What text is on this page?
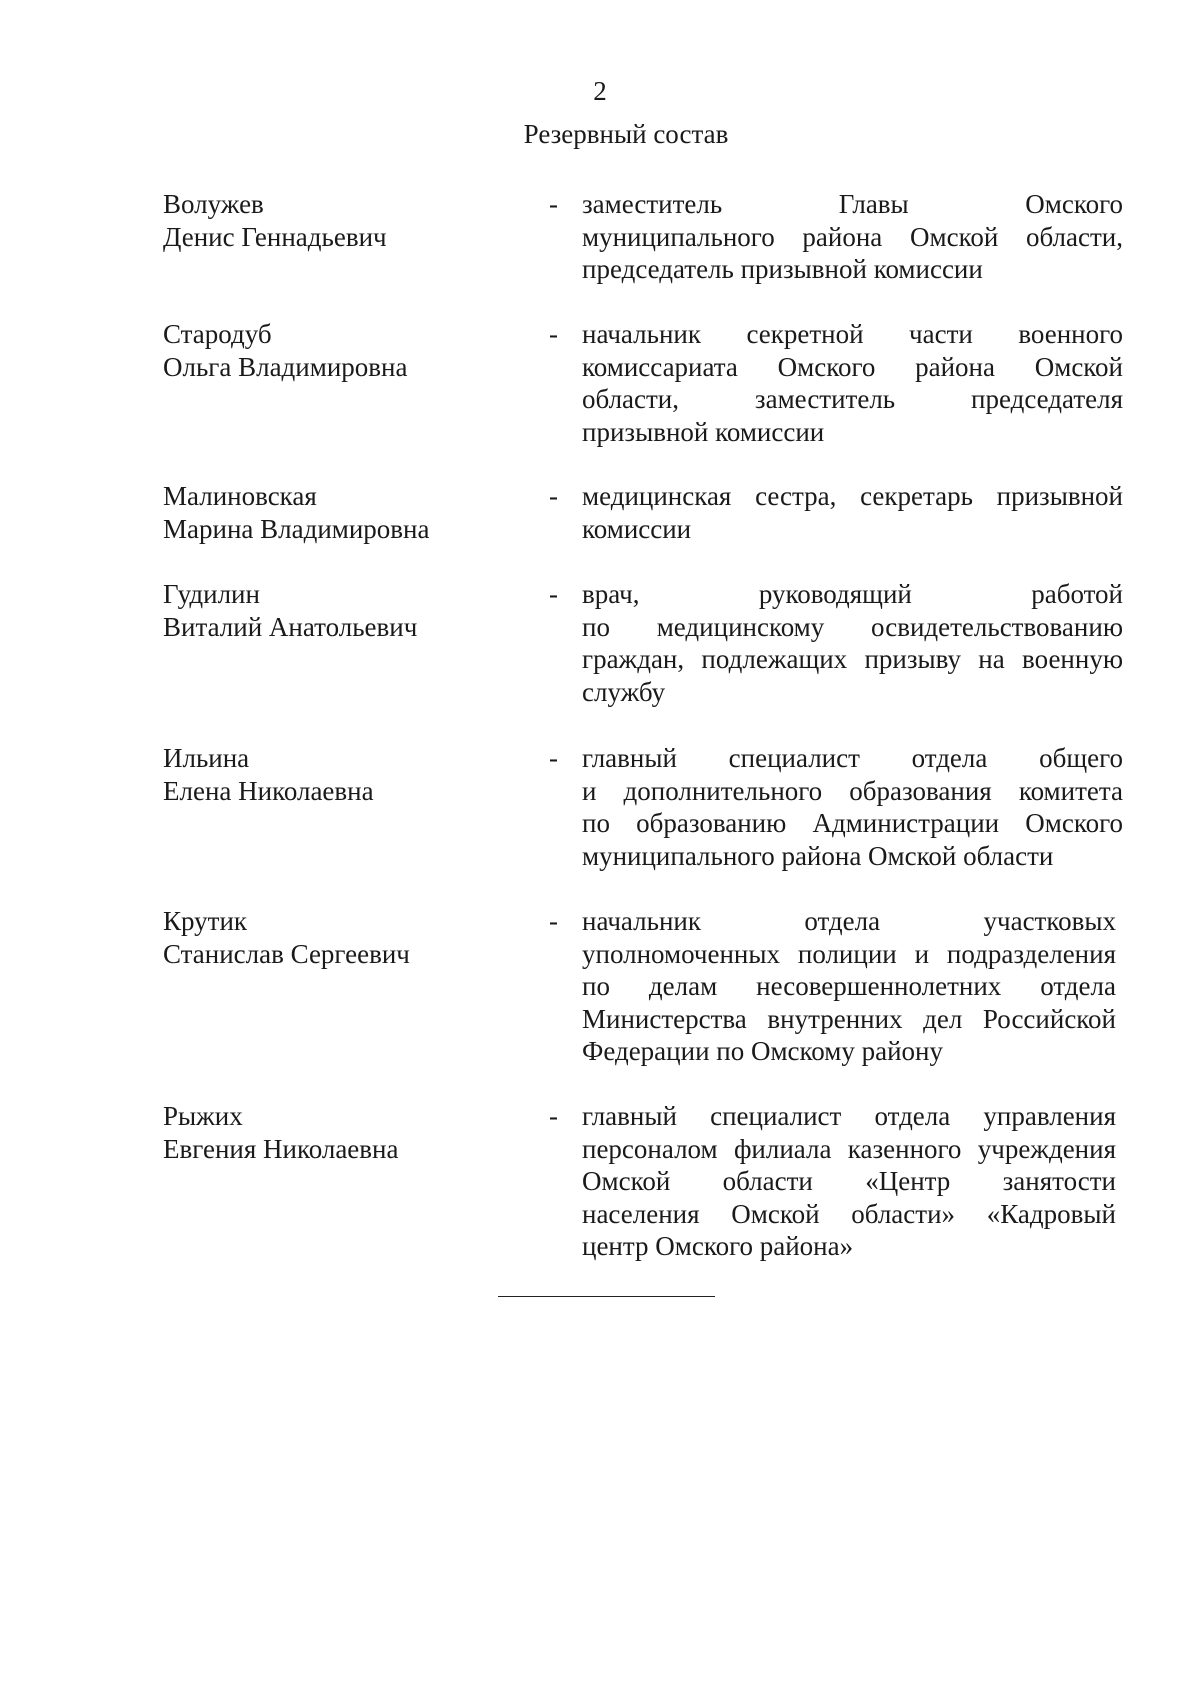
2
Резервный состав
Волужев
Денис Геннадьевич
- заместитель Главы Омского
муниципального района Омской области,
председатель призывной комиссии
Стародуб
Ольга Владимировна
- начальник секретной части военного
комиссариата Омского района Омской
области, заместитель председателя
призывной комиссии
Малиновская
Марина Владимировна
- медицинская сестра, секретарь призывной
комиссии
Гудилин
Виталий Анатольевич
- врач, руководящий работой
по медицинскому освидетельствованию
граждан, подлежащих призыву на военную
службу
Ильина
Елена Николаевна
- главный специалист отдела общего
и дополнительного образования комитета
по образованию Администрации Омского
муниципального района Омской области
Крутик
Станислав Сергеевич
- начальник отдела участковых
уполномоченных полиции и подразделения
по делам несовершеннолетних отдела
Министерства внутренних дел Российской
Федерации по Омскому району
Рыжих
Евгения Николаевна
- главный специалист отдела управления
персоналом филиала казенного учреждения
Омской области «Центр занятости
населения Омской области» «Кадровый
центр Омского района»
